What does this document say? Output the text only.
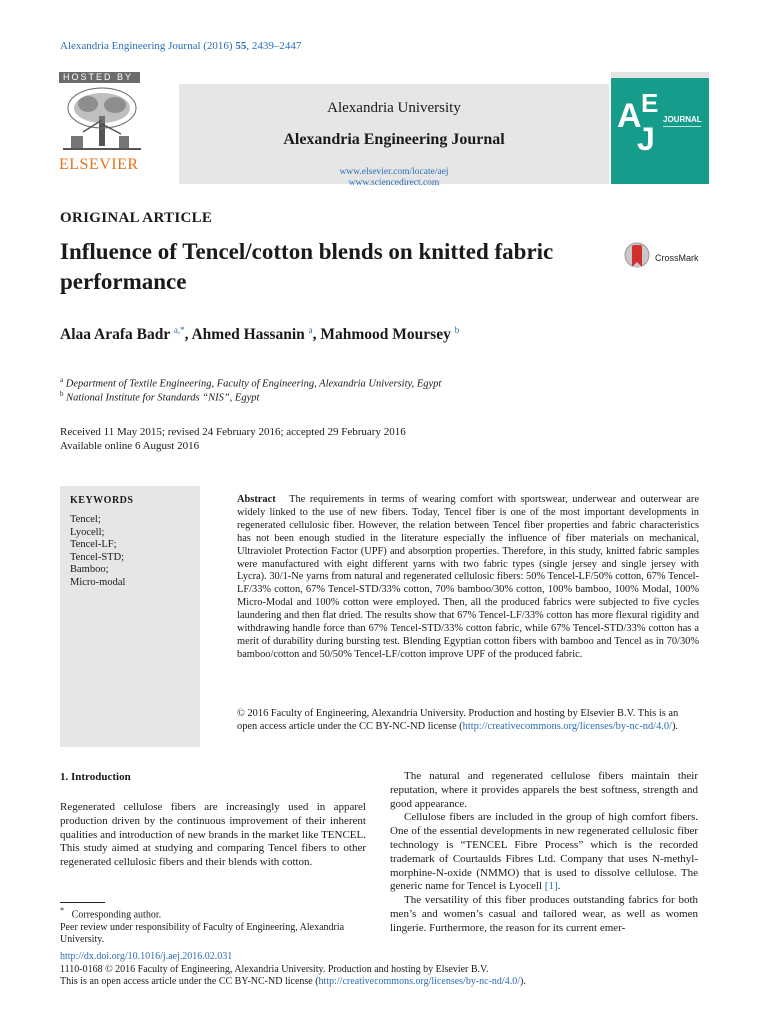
Alexandria Engineering Journal (2016) 55, 2439–2447
HOSTED BY
ELSEVIER
Alexandria University
Alexandria Engineering Journal
www.elsevier.com/locate/aej
www.sciencedirect.com
A E
J
JOURNAL
ORIGINAL ARTICLE
Influence of Tencel/cotton blends on knitted fabric
performance
CrossMark
Alaa Arafa Badr $^{a,*}$, Ahmed Hassanin $^a$, Mahmood Moursey $^b$
$^a$ Department of Textile Engineering, Faculty of Engineering, Alexandria University, Egypt
$^b$ National Institute for Standards “NIS”, Egypt
Received 11 May 2015; revised 24 February 2016; accepted 29 February 2016
Available online 6 August 2016
KEYWORDS
Tencel;
Lyocell;
Tencel-LF;
Tencel-STD;
Bamboo;
Micro-modal
Abstract The requirements in terms of wearing comfort with sportswear, underwear and outerwear are widely linked to the use of new fibers. Today, Tencel fiber is one of the most important developments in regenerated cellulosic fiber. However, the relation between Tencel fiber properties and fabric characteristics has not been enough studied in the literature especially the influence of fiber materials on mechanical, Ultraviolet Protection Factor (UPF) and absorption properties. Therefore, in this study, knitted fabric samples were manufactured with eight different yarns with two fabric types (single jersey and single jersey with Lycra). 30/1-Ne yarns from natural and regenerated cellulosic fibers: 50% Tencel-LF/50% cotton, 67% Tencel-LF/33% cotton, 67% Tencel-STD/33% cotton, 70% bamboo/30% cotton, 100% bamboo, 100% Modal, 100% Micro-Modal and 100% cotton were employed. Then, all the produced fabrics were subjected to five cycles laundering and then flat dried. The results show that 67% Tencel-LF/33% cotton has more flexural rigidity and withdrawing handle force than 67% Tencel-STD/33% cotton fabric, while 67% Tencel-STD/33% cotton has a merit of durability during bursting test. Blending Egyptian cotton fibers with bamboo and Tencel as in 70/30% bamboo/cotton and 50/50% Tencel-LF/cotton improve UPF of the produced fabric.
© 2016 Faculty of Engineering, Alexandria University. Production and hosting by Elsevier B.V. This is an open access article under the CC BY-NC-ND license (http://creativecommons.org/licenses/by-nc-nd/4.0/).
1. Introduction

Regenerated cellulose fibers are increasingly used in apparel production driven by the continuous improvement of their inherent qualities and introduction of new brands in the market like TENCEL. This study aimed at studying and comparing Tencel fibers to other regenerated cellulosic fibers and their blends with cotton.

The natural and regenerated cellulose fibers maintain their reputation, where it provides apparels the best softness, strength and good appearance.

Cellulose fibers are included in the group of high comfort fibers. One of the essential developments in new regenerated cellulosic fiber technology is “TENCEL Fibre Process” which is the recorded trademark of Courtaulds Fibres Ltd. Company that uses N-methyl-morphine-N-oxide (NMMO) that is used to dissolve cellulose. The generic name for Tencel is Lyocell [1].

The versatility of this fiber produces outstanding fabrics for both men’s and women’s casual and tailored wear, as well as women lingerie. Furthermore, the reason for its current emer-

* Corresponding author.
Peer review under responsibility of Faculty of Engineering, Alexandria University.
http://dx.doi.org/10.1016/j.aej.2016.02.031
1110-0168 © 2016 Faculty of Engineering, Alexandria University. Production and hosting by Elsevier B.V.
This is an open access article under the CC BY-NC-ND license (http://creativecommons.org/licenses/by-nc-nd/4.0/).
